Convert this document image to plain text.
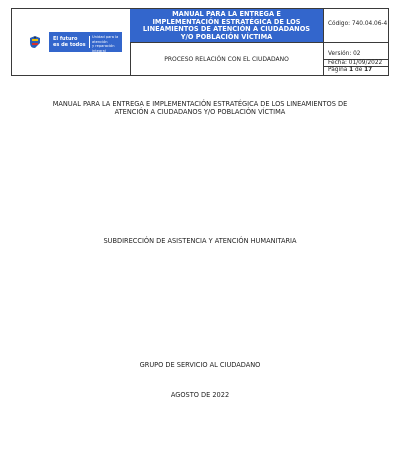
El futuro
es de todos
Unidad para la atención
y reparación integral
a las víctimas
MANUAL PARA LA ENTREGA E
IMPLEMENTACIÓN ESTRATÉGICA DE LOS
LINEAMIENTOS DE ATENCIÓN A CIUDADANOS
Y/O POBLACIÓN VÍCTIMA
PROCESO RELACIÓN CON EL CIUDADANO
Código: 740.04.06-4
Versión: 02
Fecha: 01/09/2022
Página 1 de 17
MANUAL PARA LA ENTREGA E IMPLEMENTACIÓN ESTRATÉGICA DE LOS LINEAMIENTOS DE
ATENCIÓN A CIUDADANOS Y/O POBLACIÓN VÍCTIMA
SUBDIRECCIÓN DE ASISTENCIA Y ATENCIÓN HUMANITARIA
GRUPO DE SERVICIO AL CIUDADANO
AGOSTO DE 2022
